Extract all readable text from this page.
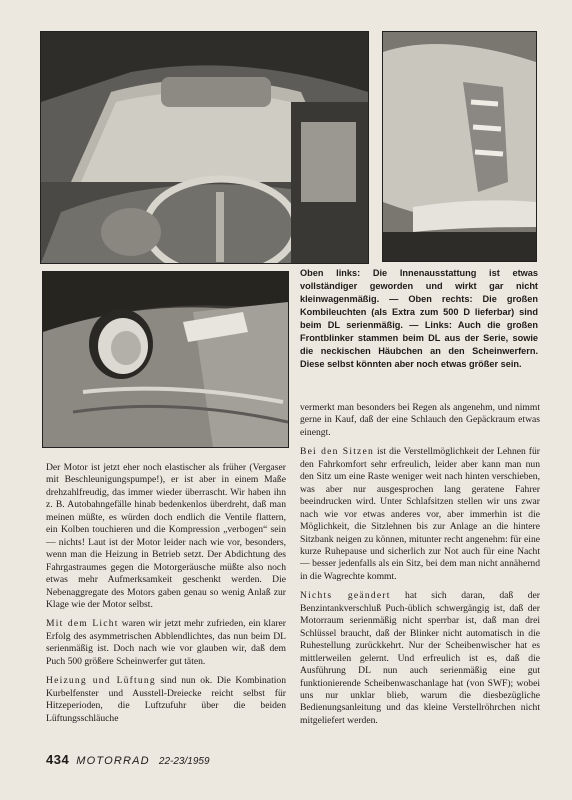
Oben links: Die Innenausstattung ist etwas vollständiger geworden und wirkt gar nicht kleinwagenmäßig. — Oben rechts: Die großen Kombileuchten (als Extra zum 500 D lieferbar) sind beim DL serienmäßig. — Links: Auch die großen Frontblinker stammen beim DL aus der Serie, sowie die neckischen Häubchen an den Scheinwerfern. Diese selbst könnten aber noch etwas größer sein.

Der Motor ist jetzt eher noch elastischer als früher (Vergaser mit Beschleunigungspumpe!), er ist aber in einem Maße drehzahlfreudig, das immer wieder überrascht. Wir haben ihn z. B. Autobahngefälle hinab bedenkenlos überdreht, daß man meinen müßte, es würden doch endlich die Ventile flattern, ein Kolben touchieren und die Kompression „verbogen“ sein — nichts! Laut ist der Motor leider nach wie vor, besonders, wenn man die Heizung in Betrieb setzt. Der Abdichtung des Fahrgastraumes gegen die Motorgeräusche müßte also noch etwas mehr Aufmerksamkeit geschenkt werden. Die Nebenaggregate des Motors gaben genau so wenig Anlaß zur Klage wie der Motor selbst.

Mit dem Licht waren wir jetzt mehr zufrieden, ein klarer Erfolg des asymmetrischen Abblendlichtes, das nun beim DL serienmäßig ist. Doch nach wie vor glauben wir, daß dem Puch 500 größere Scheinwerfer gut täten.

Heizung und Lüftung sind nun ok. Die Kombination Kurbelfenster und Ausstell-Dreiecke reicht selbst für Hitzeperioden, die Luftzufuhr über die beiden Lüftungsschläuche

vermerkt man besonders bei Regen als angenehm, und nimmt gerne in Kauf, daß der eine Schlauch den Gepäckraum etwas einengt.

Bei den Sitzen ist die Verstellmöglichkeit der Lehnen für den Fahrkomfort sehr erfreulich, leider aber kann man nun den Sitz um eine Raste weniger weit nach hinten verschieben, was aber nur ausgesprochen lang geratene Fahrer beeindrucken wird. Unter Schlafsitzen stellen wir uns zwar nach wie vor etwas anderes vor, aber immerhin ist die Möglichkeit, die Sitzlehnen bis zur Anlage an die hintere Sitzbank neigen zu können, mitunter recht angenehm: für eine kurze Ruhepause und sicherlich zur Not auch für eine Nacht — besser jedenfalls als ein Sitz, bei dem man nicht annähernd in die Wagrechte kommt.

Nichts geändert hat sich daran, daß der Benzintankverschluß Puch-üblich schwergängig ist, daß der Motorraum serienmäßig nicht sperrbar ist, daß man drei Schlüssel braucht, daß der Blinker nicht automatisch in die Ruhestellung zurückkehrt. Nur der Scheibenwischer hat es mittlerweilen gelernt. Und erfreulich ist es, daß die Ausführung DL nun auch serienmäßig eine gut funktionierende Scheibenwaschanlage hat (von SWF); wobei uns nur unklar blieb, warum die diesbezügliche Bedienungsanleitung und das kleine Verstellröhrchen nicht mitgeliefert werden.

434 MOTORRAD 22-23/1959
